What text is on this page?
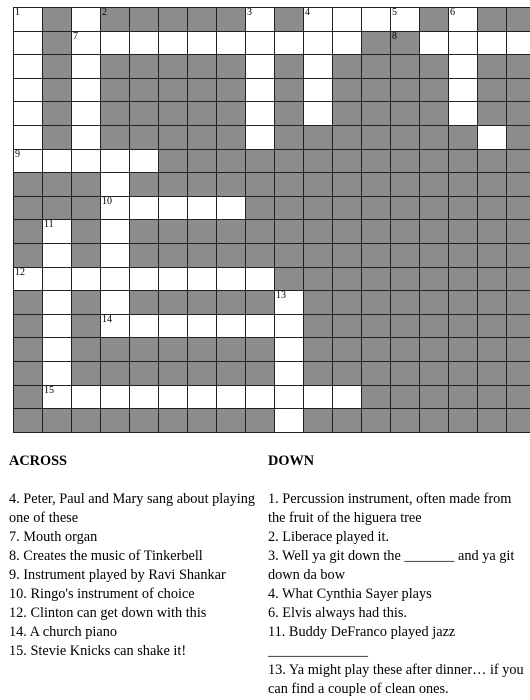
1	2	3	4	5	6
7	8
9
10
11
12
13
14
15
ACROSS
4. Peter, Paul and Mary sang about playing one of these
7. Mouth organ
8. Creates the music of Tinkerbell
9. Instrument played by Ravi Shankar
10. Ringo's instrument of choice
12. Clinton can get down with this
14. A church piano
15. Stevie Knicks can shake it!
DOWN
1. Percussion instrument, often made from the fruit of the higuera tree
2. Liberace played it.
3. Well ya git down the _______ and ya git down da bow
4. What Cynthia Sayer plays
6. Elvis always had this.
11. Buddy DeFranco played jazz ______________
13. Ya might play these after dinner… if you can find a couple of clean ones.
